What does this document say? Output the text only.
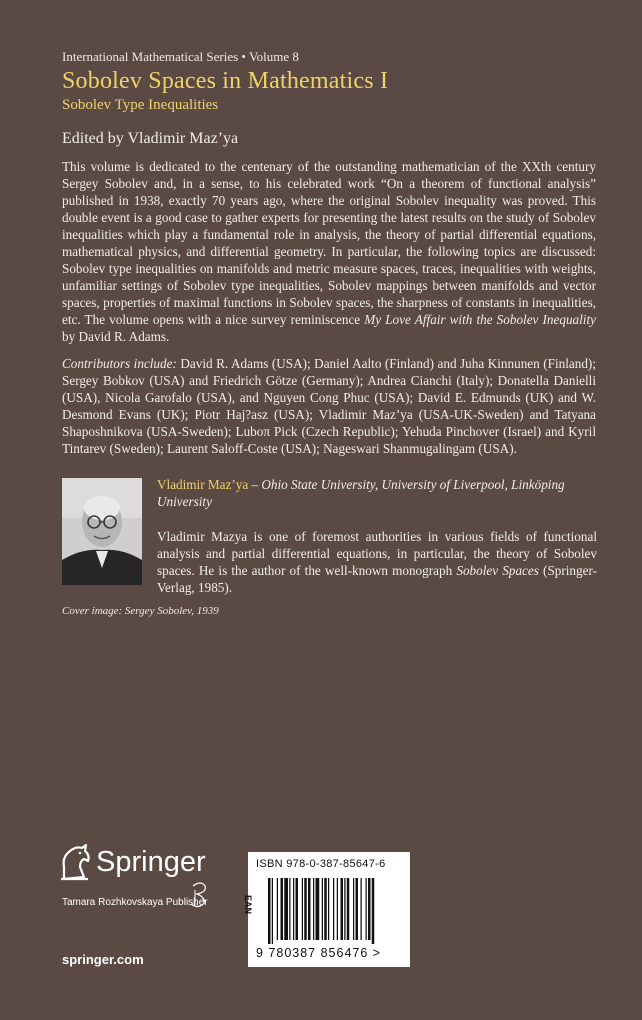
International Mathematical Series • Volume 8
Sobolev Spaces in Mathematics I
Sobolev Type Inequalities
Edited by Vladimir Maz’ya
This volume is dedicated to the centenary of the outstanding mathematician of the XXth century Sergey Sobolev and, in a sense, to his celebrated work “On a theorem of functional analysis” published in 1938, exactly 70 years ago, where the original Sobolev inequality was proved. This double event is a good case to gather experts for presenting the latest results on the study of Sobolev inequalities which play a fundamental role in analysis, the theory of partial differential equations, mathematical physics, and differential geometry. In particular, the following topics are discussed: Sobolev type inequalities on manifolds and metric measure spaces, traces, inequalities with weights, unfamiliar settings of Sobolev type inequalities, Sobolev mappings between manifolds and vector spaces, properties of maximal functions in Sobolev spaces, the sharpness of constants in inequalities, etc. The volume opens with a nice survey reminiscence My Love Affair with the Sobolev Inequality by David R. Adams.
Contributors include: David R. Adams (USA); Daniel Aalto (Finland) and Juha Kinnunen (Finland); Sergey Bobkov (USA) and Friedrich Götze (Germany); Andrea Cianchi (Italy); Donatella Danielli (USA), Nicola Garofalo (USA), and Nguyen Cong Phuc (USA); David E. Edmunds (UK) and W. Desmond Evans (UK); Piotr Haj?asz (USA); Vladimir Maz’ya (USA-UK-Sweden) and Tatyana Shaposhnikova (USA-Sweden); Luboπ Pick (Czech Republic); Yehuda Pinchover (Israel) and Kyril Tintarev (Sweden); Laurent Saloff-Coste (USA); Nageswari Shanmugalingam (USA).
Vladimir Maz’ya – Ohio State University, University of Liverpool, Linköping University
Vladimir Mazya is one of foremost authorities in various fields of functional analysis and partial differential equations, in particular, the theory of Sobolev spaces. He is the author of the well-known monograph Sobolev Spaces (Springer-Verlag, 1985).
Cover image: Sergey Sobolev, 1939
Springer
Tamara Rozhkovskaya Publisher
springer.com
ISBN 978-0-387-85647-6
EAN
9 780387 856476 >
